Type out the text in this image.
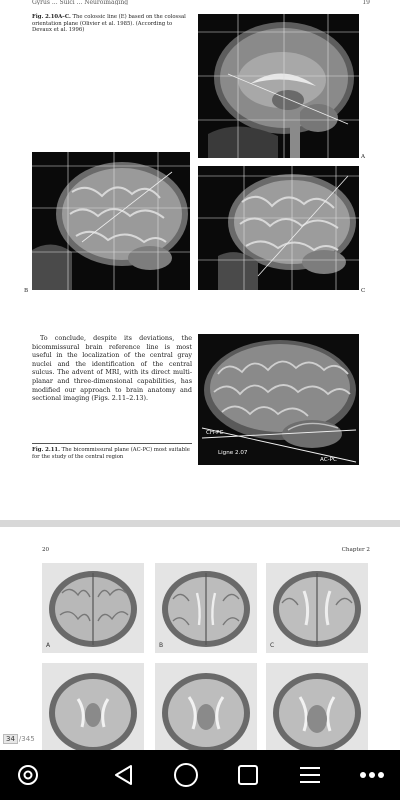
Gyrus ... Sulci ... Neuroimaging	19
Fig. 2.10A–C. The colossic line (E) based on the colossal orientation plane (Olivier et al. 1985). (According to Devaux et al. 1996)
A
B	C

To conclude, despite its deviations, the bicommissural brain reference line is most useful in the localization of the central gray nuclei and the identification of the central sulcus. The advent of MRI, with its direct multi-planar and three-dimensional capabilities, has modified our approach to brain anatomy and sectional imaging (Figs. 2.11–2.13).

CH-PC
Ligne 2.07
AC-PC
Fig. 2.11. The bicommissural plane (AC-PC) most suitable for the study of the central region
20	Chapter 2
A	B	C
34 /345
